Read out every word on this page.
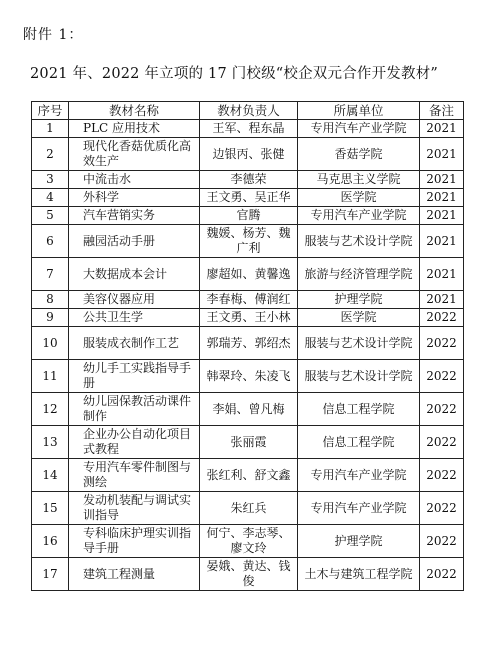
附件 1：
2021 年、2022 年立项的 17 门校级“校企双元合作开发教材”
序号	教材名称	教材负责人	所属单位	备注
1	PLC 应用技术	王军、程东晶	专用汽车产业学院	2021
2	现代化香菇优质化高效生产	边银丙、张健	香菇学院	2021
3	中流击水	李德荣	马克思主义学院	2021
4	外科学	王文勇、吴正华	医学院	2021
5	汽车营销实务	官腾	专用汽车产业学院	2021
6	融园活动手册	魏媛、杨芳、魏广利	服装与艺术设计学院	2021
7	大数据成本会计	廖超如、黄馨逸	旅游与经济管理学院	2021
8	美容仪器应用	李春梅、傅润红	护理学院	2021
9	公共卫生学	王文勇、王小林	医学院	2022
10	服装成衣制作工艺	郭瑞芳、郭绍杰	服装与艺术设计学院	2022
11	幼儿手工实践指导手册	韩翠玲、朱凌飞	服装与艺术设计学院	2022
12	幼儿园保教活动课件制作	李娟、曾凡梅	信息工程学院	2022
13	企业办公自动化项目式教程	张丽霞	信息工程学院	2022
14	专用汽车零件制图与测绘	张红利、舒文鑫	专用汽车产业学院	2022
15	发动机装配与调试实训指导	朱红兵	专用汽车产业学院	2022
16	专科临床护理实训指导手册	何宁、李志琴、廖文玲	护理学院	2022
17	建筑工程测量	晏娥、黄达、钱俊	土木与建筑工程学院	2022
